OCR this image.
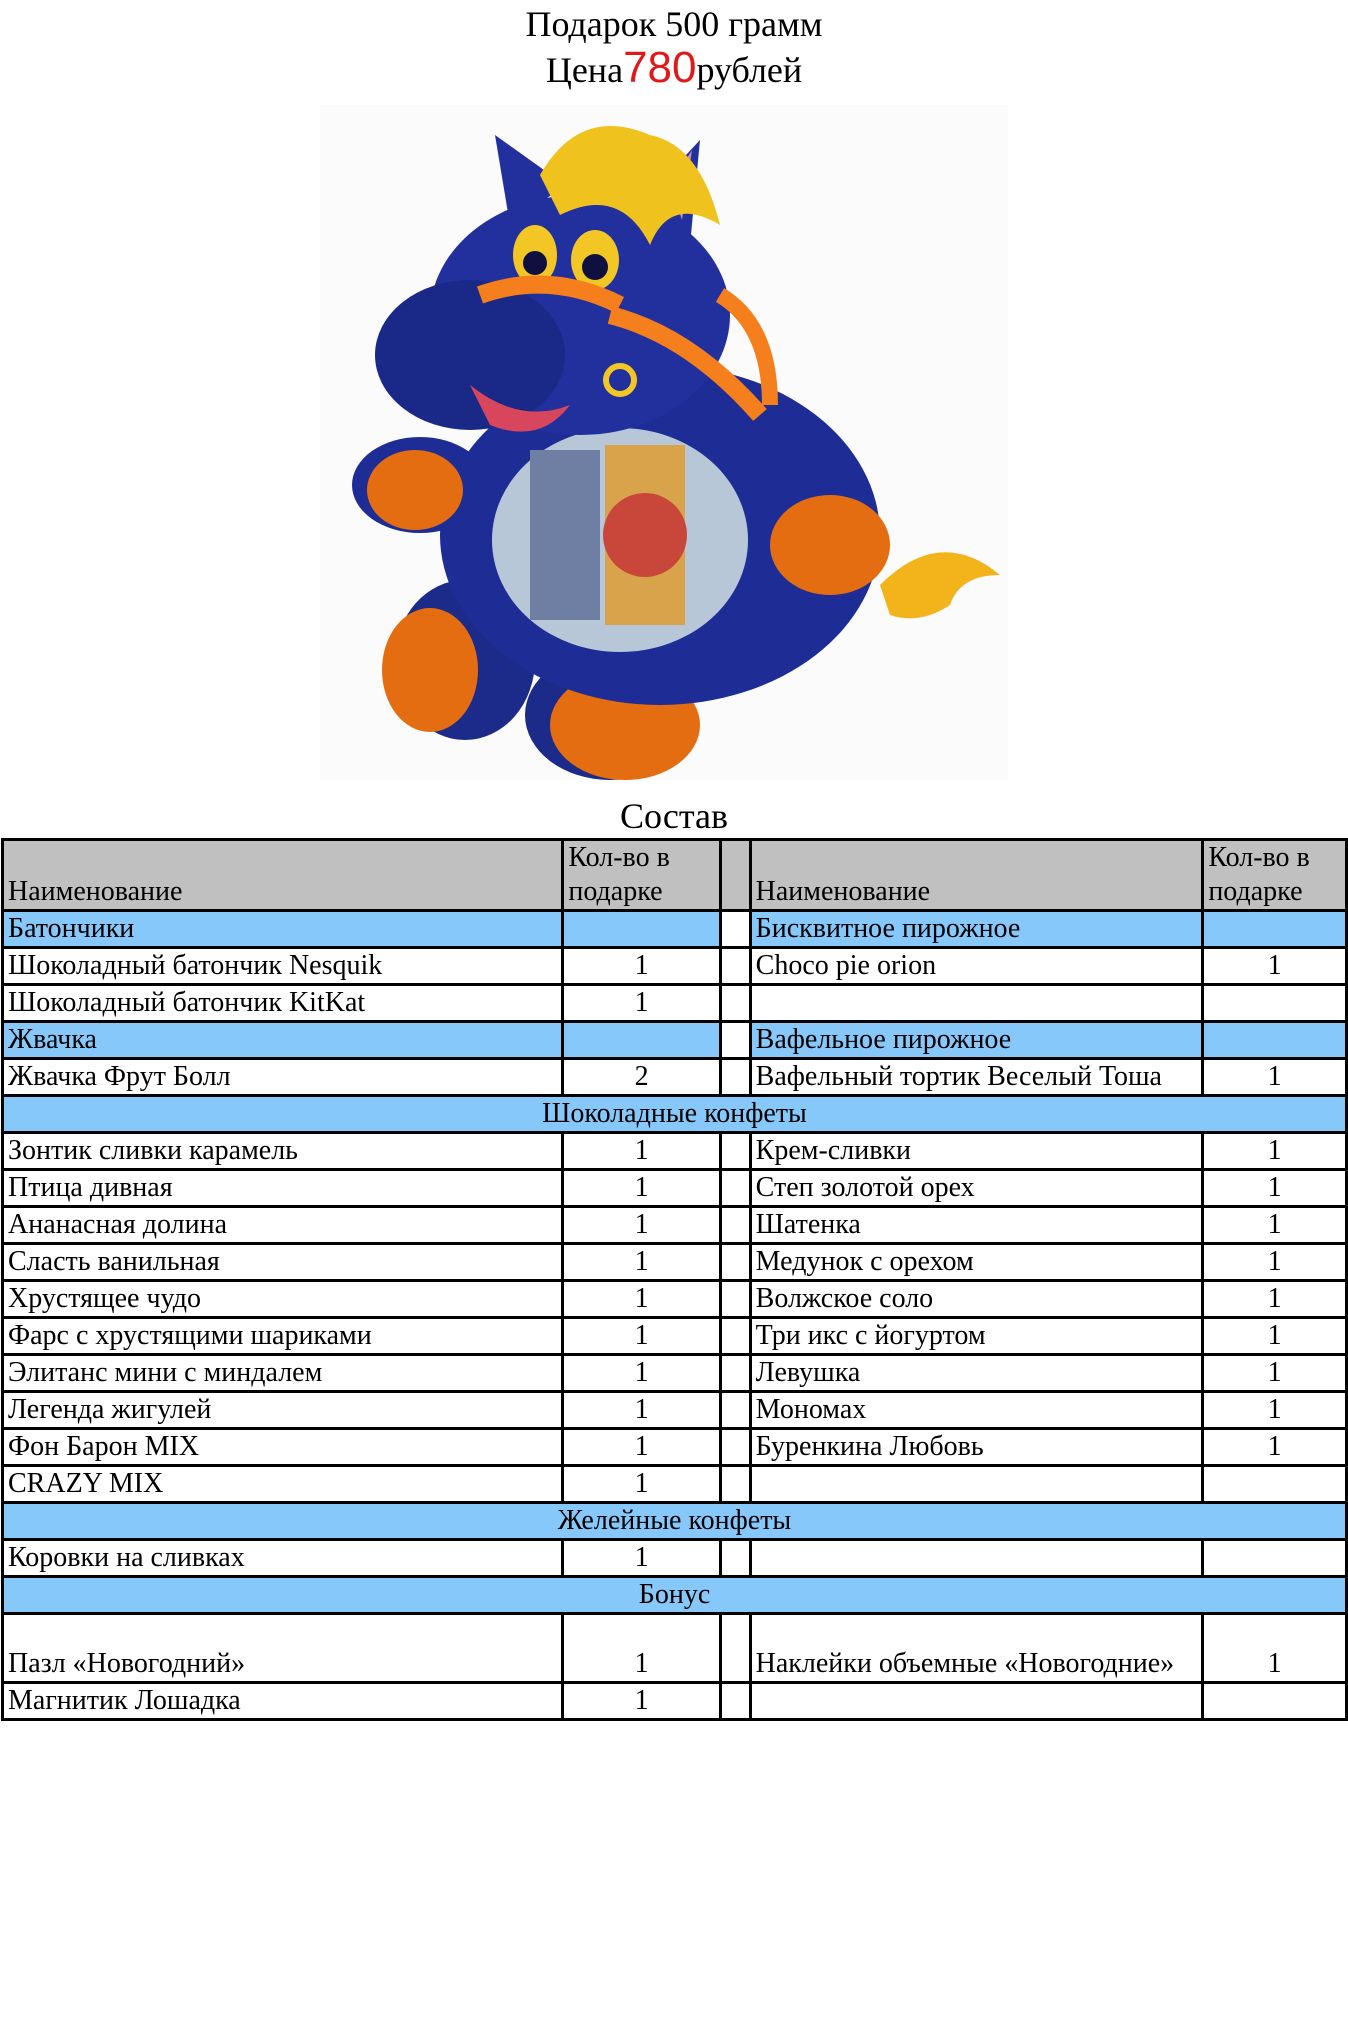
Подарок 500 грамм
Цена780рублей
Состав
Наименование	Кол-во в подарке		Наименование	Кол-во в подарке
Батончики			Бисквитное пирожное	
Шоколадный батончик Nesquik	1		Choco pie orion	1
Шоколадный батончик KitKat	1			
Жвачка			Вафельное пирожное	
Жвачка Фрут Болл	2		Вафельный тортик Веселый Тоша	1
Шоколадные конфеты				
Зонтик сливки карамель	1		Крем-сливки	1
Птица дивная	1		Степ золотой орех	1
Ананасная долина	1		Шатенка	1
Сласть ванильная	1		Медунок с орехом	1
Хрустящее чудо	1		Волжское соло	1
Фарс с хрустящими шариками	1		Три икс с йогуртом	1
Элитанс мини с миндалем	1		Левушка	1
Легенда жигулей	1		Мономах	1
Фон Барон MIX	1		Буренкина Любовь	1
CRAZY MIX	1			
Желейные конфеты				
Коровки на сливках	1			
Бонус				
Пазл «Новогодний»	1		Наклейки объемные «Новогодние»	1
Магнитик Лошадка	1			
